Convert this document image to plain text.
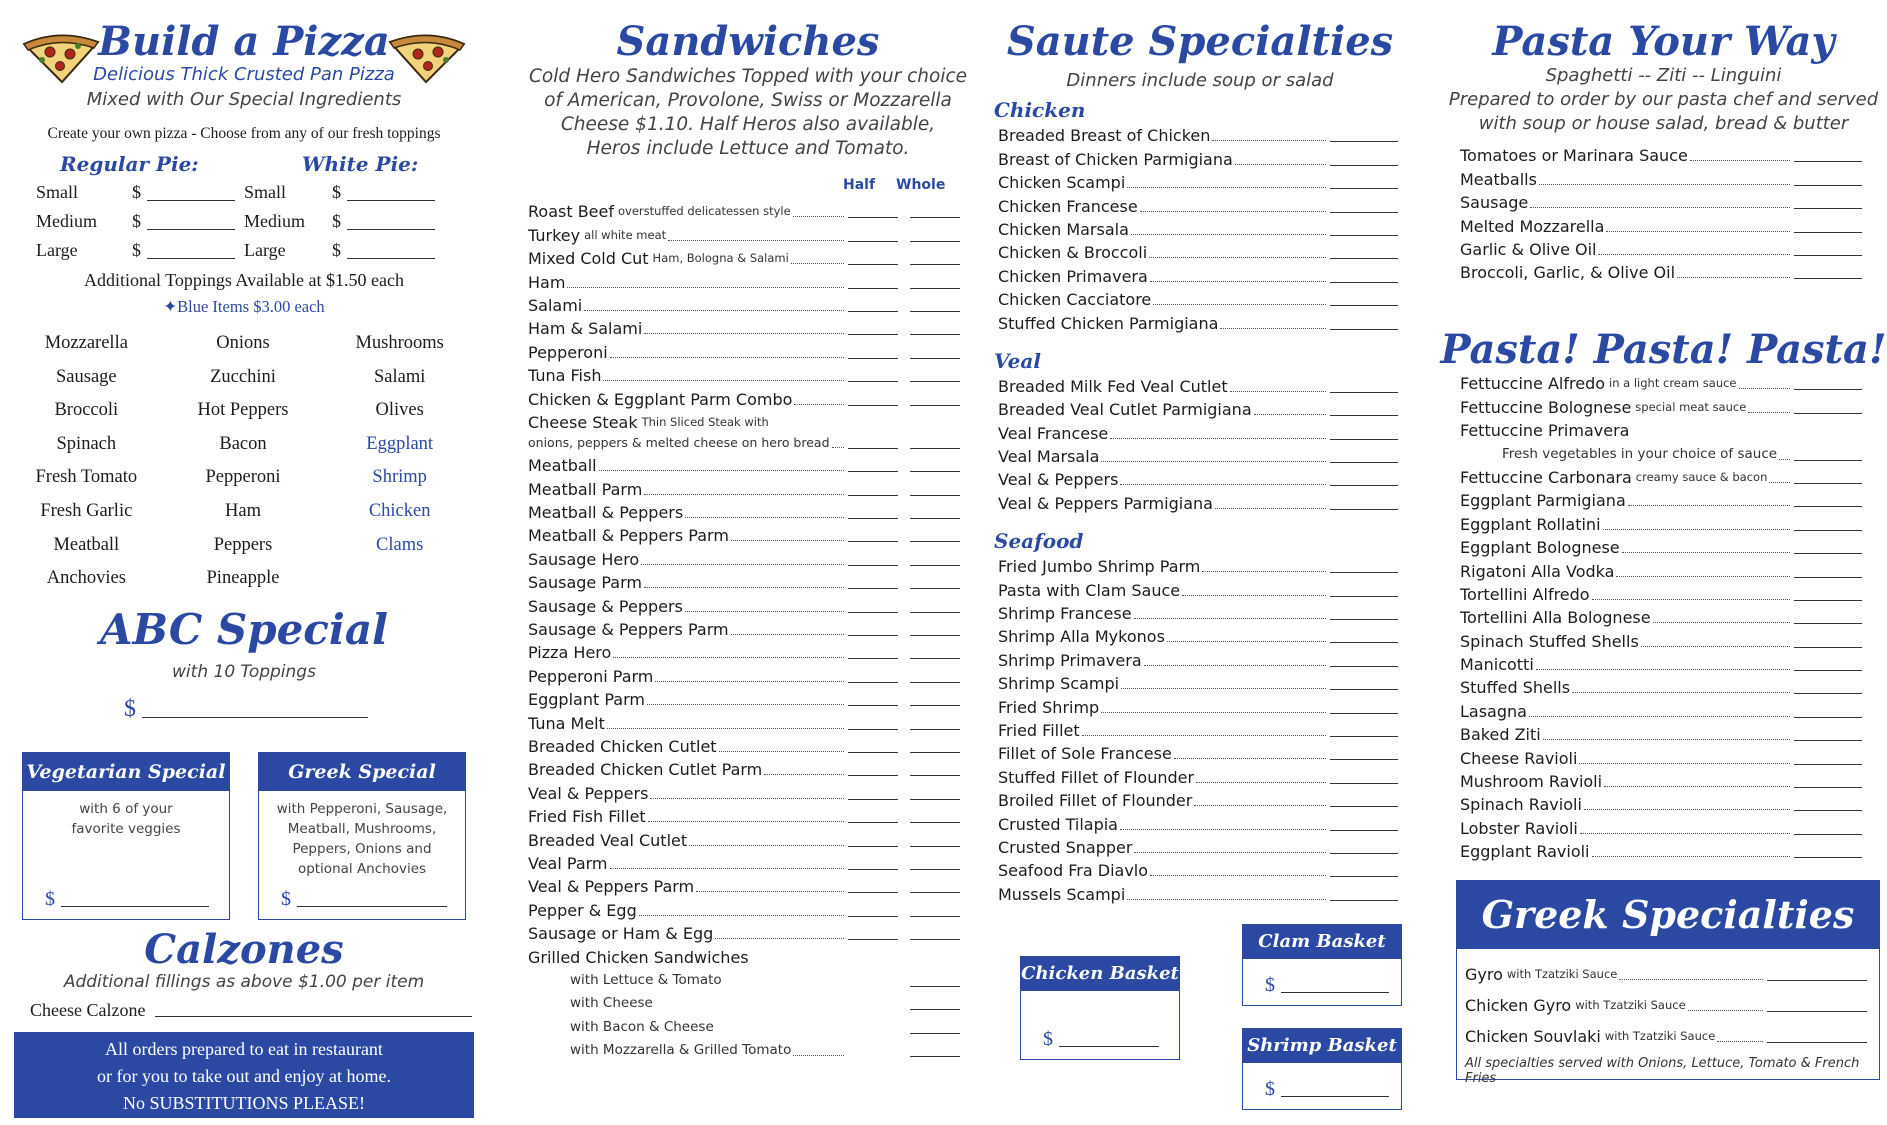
Build a Pizza
Delicious Thick Crusted Pan Pizza
Mixed with Our Special Ingredients
Create your own pizza - Choose from any of our fresh toppings
Regular Pie:	White Pie:
Small	$
Medium $
Large	$
Small	$
Medium $
Large	$
Additional Toppings Available at $1.50 each
✦Blue Items $3.00 each
Mozzarella	Onions	Mushrooms
Sausage	Zucchini	Salami
Broccoli	Hot Peppers	Olives
Spinach	Bacon	Eggplant
Fresh Tomato	Pepperoni	Shrimp
Fresh Garlic	Ham	Chicken
Meatball	Peppers	Clams
Anchovies	Pineapple
ABC Special
with 10 Toppings
$
Vegetarian Special
with 6 of your
favorite veggies
$
Greek Special
with Pepperoni, Sausage,
Meatball, Mushrooms,
Peppers, Onions and
optional Anchovies
$
Calzones
Additional fillings as above $1.00 per item
Cheese Calzone
All orders prepared to eat in restaurant
or for you to take out and enjoy at home.
No SUBSTITUTIONS PLEASE!
Sandwiches
Cold Hero Sandwiches Topped with your choice
of American, Provolone, Swiss or Mozzarella
Cheese $1.10. Half Heros also available,
Heros include Lettuce and Tomato.
Half Whole
Roast Beef overstuffed delicatessen style
Turkey all white meat
Mixed Cold Cut Ham, Bologna & Salami
Ham
Salami
Ham & Salami
Pepperoni
Tuna Fish
Chicken & Eggplant Parm Combo
Cheese Steak Thin Sliced Steak with
onions, peppers & melted cheese on hero bread
Meatball
Meatball Parm
Meatball & Peppers
Meatball & Peppers Parm
Sausage Hero
Sausage Parm
Sausage & Peppers
Sausage & Peppers Parm
Pizza Hero
Pepperoni Parm
Eggplant Parm
Tuna Melt
Breaded Chicken Cutlet
Breaded Chicken Cutlet Parm
Veal & Peppers
Fried Fish Fillet
Breaded Veal Cutlet
Veal Parm
Veal & Peppers Parm
Pepper & Egg
Sausage or Ham & Egg
Grilled Chicken Sandwiches
with Lettuce & Tomato
with Cheese
with Bacon & Cheese
with Mozzarella & Grilled Tomato
Saute Specialties
Dinners include soup or salad
Chicken
Breaded Breast of Chicken
Breast of Chicken Parmigiana
Chicken Scampi
Chicken Francese
Chicken Marsala
Chicken & Broccoli
Chicken Primavera
Chicken Cacciatore
Stuffed Chicken Parmigiana
Veal
Breaded Milk Fed Veal Cutlet
Breaded Veal Cutlet Parmigiana
Veal Francese
Veal Marsala
Veal & Peppers
Veal & Peppers Parmigiana
Seafood
Fried Jumbo Shrimp Parm
Pasta with Clam Sauce
Shrimp Francese
Shrimp Alla Mykonos
Shrimp Primavera
Shrimp Scampi
Fried Shrimp
Fried Fillet
Fillet of Sole Francese
Stuffed Fillet of Flounder
Broiled Fillet of Flounder
Crusted Tilapia
Crusted Snapper
Seafood Fra Diavlo
Mussels Scampi
Chicken Basket
$
Clam Basket
$
Shrimp Basket
$
Pasta Your Way
Spaghetti -- Ziti -- Linguini
Prepared to order by our pasta chef and served
with soup or house salad, bread & butter
Tomatoes or Marinara Sauce
Meatballs
Sausage
Melted Mozzarella
Garlic & Olive Oil
Broccoli, Garlic, & Olive Oil
Pasta! Pasta! Pasta!
Fettuccine Alfredo in a light cream sauce
Fettuccine Bolognese special meat sauce
Fettuccine Primavera
Fresh vegetables in your choice of sauce
Fettuccine Carbonara creamy sauce & bacon
Eggplant Parmigiana
Eggplant Rollatini
Eggplant Bolognese
Rigatoni Alla Vodka
Tortellini Alfredo
Tortellini Alla Bolognese
Spinach Stuffed Shells
Manicotti
Stuffed Shells
Lasagna
Baked Ziti
Cheese Ravioli
Mushroom Ravioli
Spinach Ravioli
Lobster Ravioli
Eggplant Ravioli
Greek Specialties
Gyro with Tzatziki Sauce
Chicken Gyro with Tzatziki Sauce
Chicken Souvlaki with Tzatziki Sauce
All specialties served with Onions, Lettuce, Tomato & French Fries
